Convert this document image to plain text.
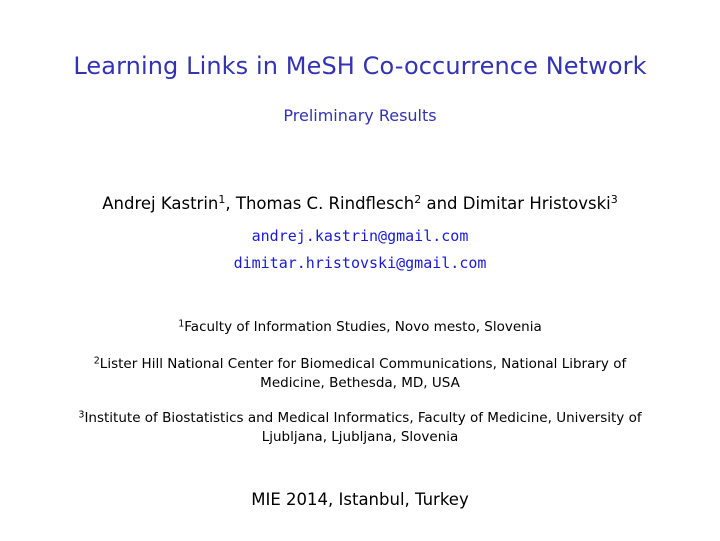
Learning Links in MeSH Co-occurrence Network
Preliminary Results
Andrej Kastrin$^1$, Thomas C. Rindflesch$^2$ and Dimitar Hristovski$^3$
andrej.kastrin@gmail.com
dimitar.hristovski@gmail.com
$^1$Faculty of Information Studies, Novo mesto, Slovenia
$^2$Lister Hill National Center for Biomedical Communications, National Library of Medicine, Bethesda, MD, USA
$^3$Institute of Biostatistics and Medical Informatics, Faculty of Medicine, University of Ljubljana, Ljubljana, Slovenia
MIE 2014, Istanbul, Turkey
